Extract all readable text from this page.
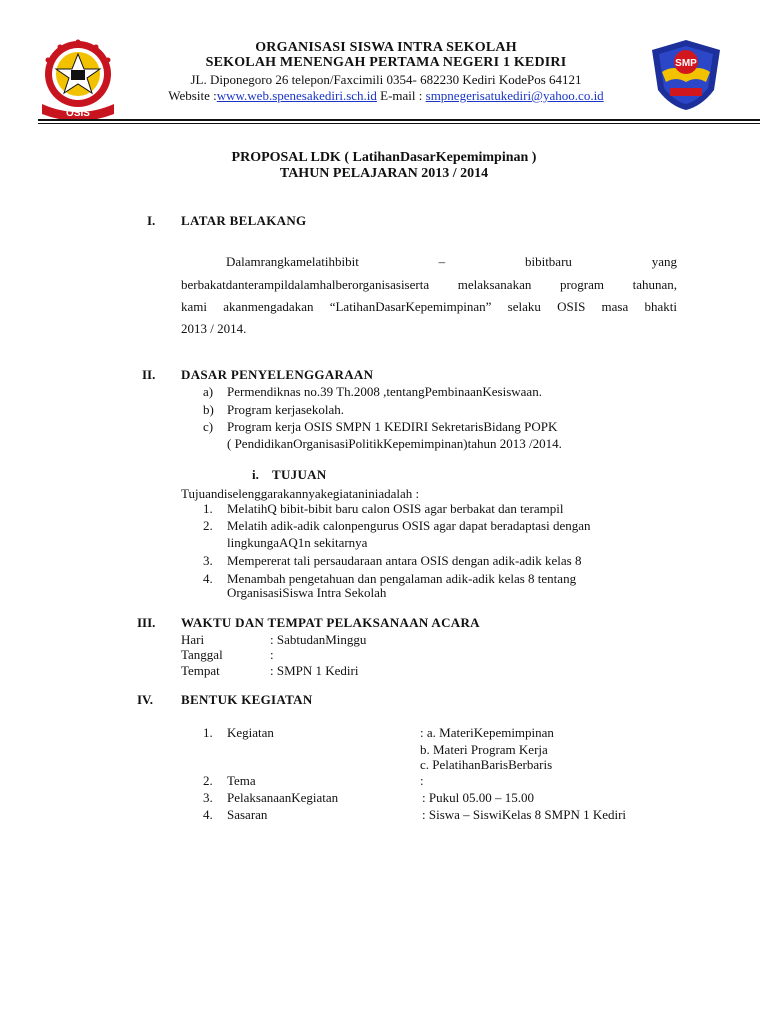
OSIS
SMP
ORGANISASI SISWA INTRA SEKOLAH
SEKOLAH MENENGAH PERTAMA NEGERI 1 KEDIRI
JL. Diponegoro 26 telepon/Faxcimili 0354- 682230 Kediri KodePos 64121
Website :www.web.spenesakediri.sch.id E-mail : smpnegerisatukediri@yahoo.co.id
PROPOSAL LDK ( LatihanDasarKepemimpinan )
TAHUN PELAJARAN 2013 / 2014
I. LATAR BELAKANG
Dalamrangkamelatihbibit – bibitbaru yang
berbakatdanterampildalamhalberorganisasiserta melaksanakan program tahunan,
kami akanmengadakan “LatihanDasarKepemimpinan” selaku OSIS masa bhakti
2013 / 2014.
II. DASAR PENYELENGGARAAN
a) Permendiknas no.39 Th.2008 ,tentangPembinaanKesiswaan.
b) Program kerjasekolah.
c) Program kerja OSIS SMPN 1 KEDIRI SekretarisBidang POPK
( PendidikanOrganisasiPolitikKepemimpinan)tahun 2013 /2014.
i. TUJUAN
Tujuandiselenggarakannyakegiataniniadalah :
1. MelatihQ bibit-bibit baru calon OSIS agar berbakat dan terampil
2. Melatih adik-adik calonpengurus OSIS agar dapat beradaptasi dengan
lingkungaAQ1n sekitarnya
3. Mempererat tali persaudaraan antara OSIS dengan adik-adik kelas 8
4. Menambah pengetahuan dan pengalaman adik-adik kelas 8 tentang
OrganisasiSiswa Intra Sekolah
III. WAKTU DAN TEMPAT PELAKSANAAN ACARA
Hari	: SabtudanMinggu
Tanggal	:
Tempat	: SMPN 1 Kediri
IV. BENTUK KEGIATAN
1. Kegiatan	: a. MateriKepemimpinan
b. Materi Program Kerja
c. PelatihanBarisBerbaris
2. Tema	:
3. PelaksanaanKegiatan	: Pukul 05.00 – 15.00
4. Sasaran	: Siswa – SiswiKelas 8 SMPN 1 Kediri
